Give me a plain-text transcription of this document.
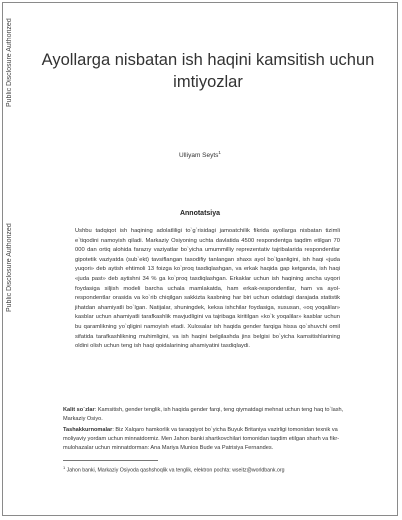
Public Disclosure Authorized
Public Disclosure Authorized
Ayollarga nisbatan ish haqini kamsitish uchun imtiyozlar
Ulliyam Seyts$^1$
Annotatsiya
Ushbu tadqiqot ish haqining adolatliligi to`g`risidagi jamoatchilik fikrida ayollarga nisbatan tizimli e`tiqodini namoyish qiladi. Markaziy Osiyoning uchta davlatida 4500 respondentga taqdim etilgan 70 000 dan ortiq alohida farazıy vaziyatlar bo`yicha umummilliy reprezentativ tajribalarida respondentlar gipotetik vaziyatda (sub`ekt) tavsiflangan tasodifiy tanlangan shaxs ayol bo`lganligini, ish haqi «juda yuqori» deb aytish ehtimoli 13 foizga ko`proq tasdiqlashgan, va erkak haqida gap ketganda, ish haqi «juda past» deb aytishni 34 % ga ko`proq tasdiqlashgan. Erkaklar uchun ish haqining ancha uyqori foydasiga siljish modeli barcha uchala mamlakatda, ham erkak-respondentlar, ham va ayol- respondentlar orasida va ko`rib chiqilgan sakkizta kasbning har biri uchun odatdagi darajada statistik jihatdan ahamiyatli bo`lgan. Natijalar, shuningdek, keksa ishchilar foydasiga, xususan, «oq yoqalilar» kasblar uchun ahamiyatli tarafkashlik mavjudligini va tajribaga kiritilgan «ko`k yoqalilar» kasblar uchun bu qaramlikning yo`qligini namoyish etadi. Xulosalar ish haqida gender farqiga hissa qo`shuvchi omil sifatida tarafkashlikning muhimligini, va ish haqini belgilashda jins belgisi bo`yicha kamsitishlarining oldini olish uchun teng ish haqi qoidalarining ahamiyatini tasdiqlaydi.

Kalit so`zlar: Kamsitish, gender tenglik, ish haqida gender farqi, teng qiymatdagi mehnat uchun teng haq to`lash, Markaziy Osiyo.

Tashakkurnomalar: Biz Xalqaro hamkorlik va taraqqiyot bo`yicha Buyuk Britaniya vazirligi tomonidan texnik va moliyaviy yordam uchun minnatdormiz. Men Jahon banki shartkovchilari tomonidan taqdim etilgan sharh va fikr-mulohazalar uchun minnatdorman: Ana Mariya Munios Bude va Patrisiya Fernandes.

$^1$ Jahon banki, Markaziy Osiyoda qashshoqlik va tenglik, elektron pochta: wseitz@worldbank.org
